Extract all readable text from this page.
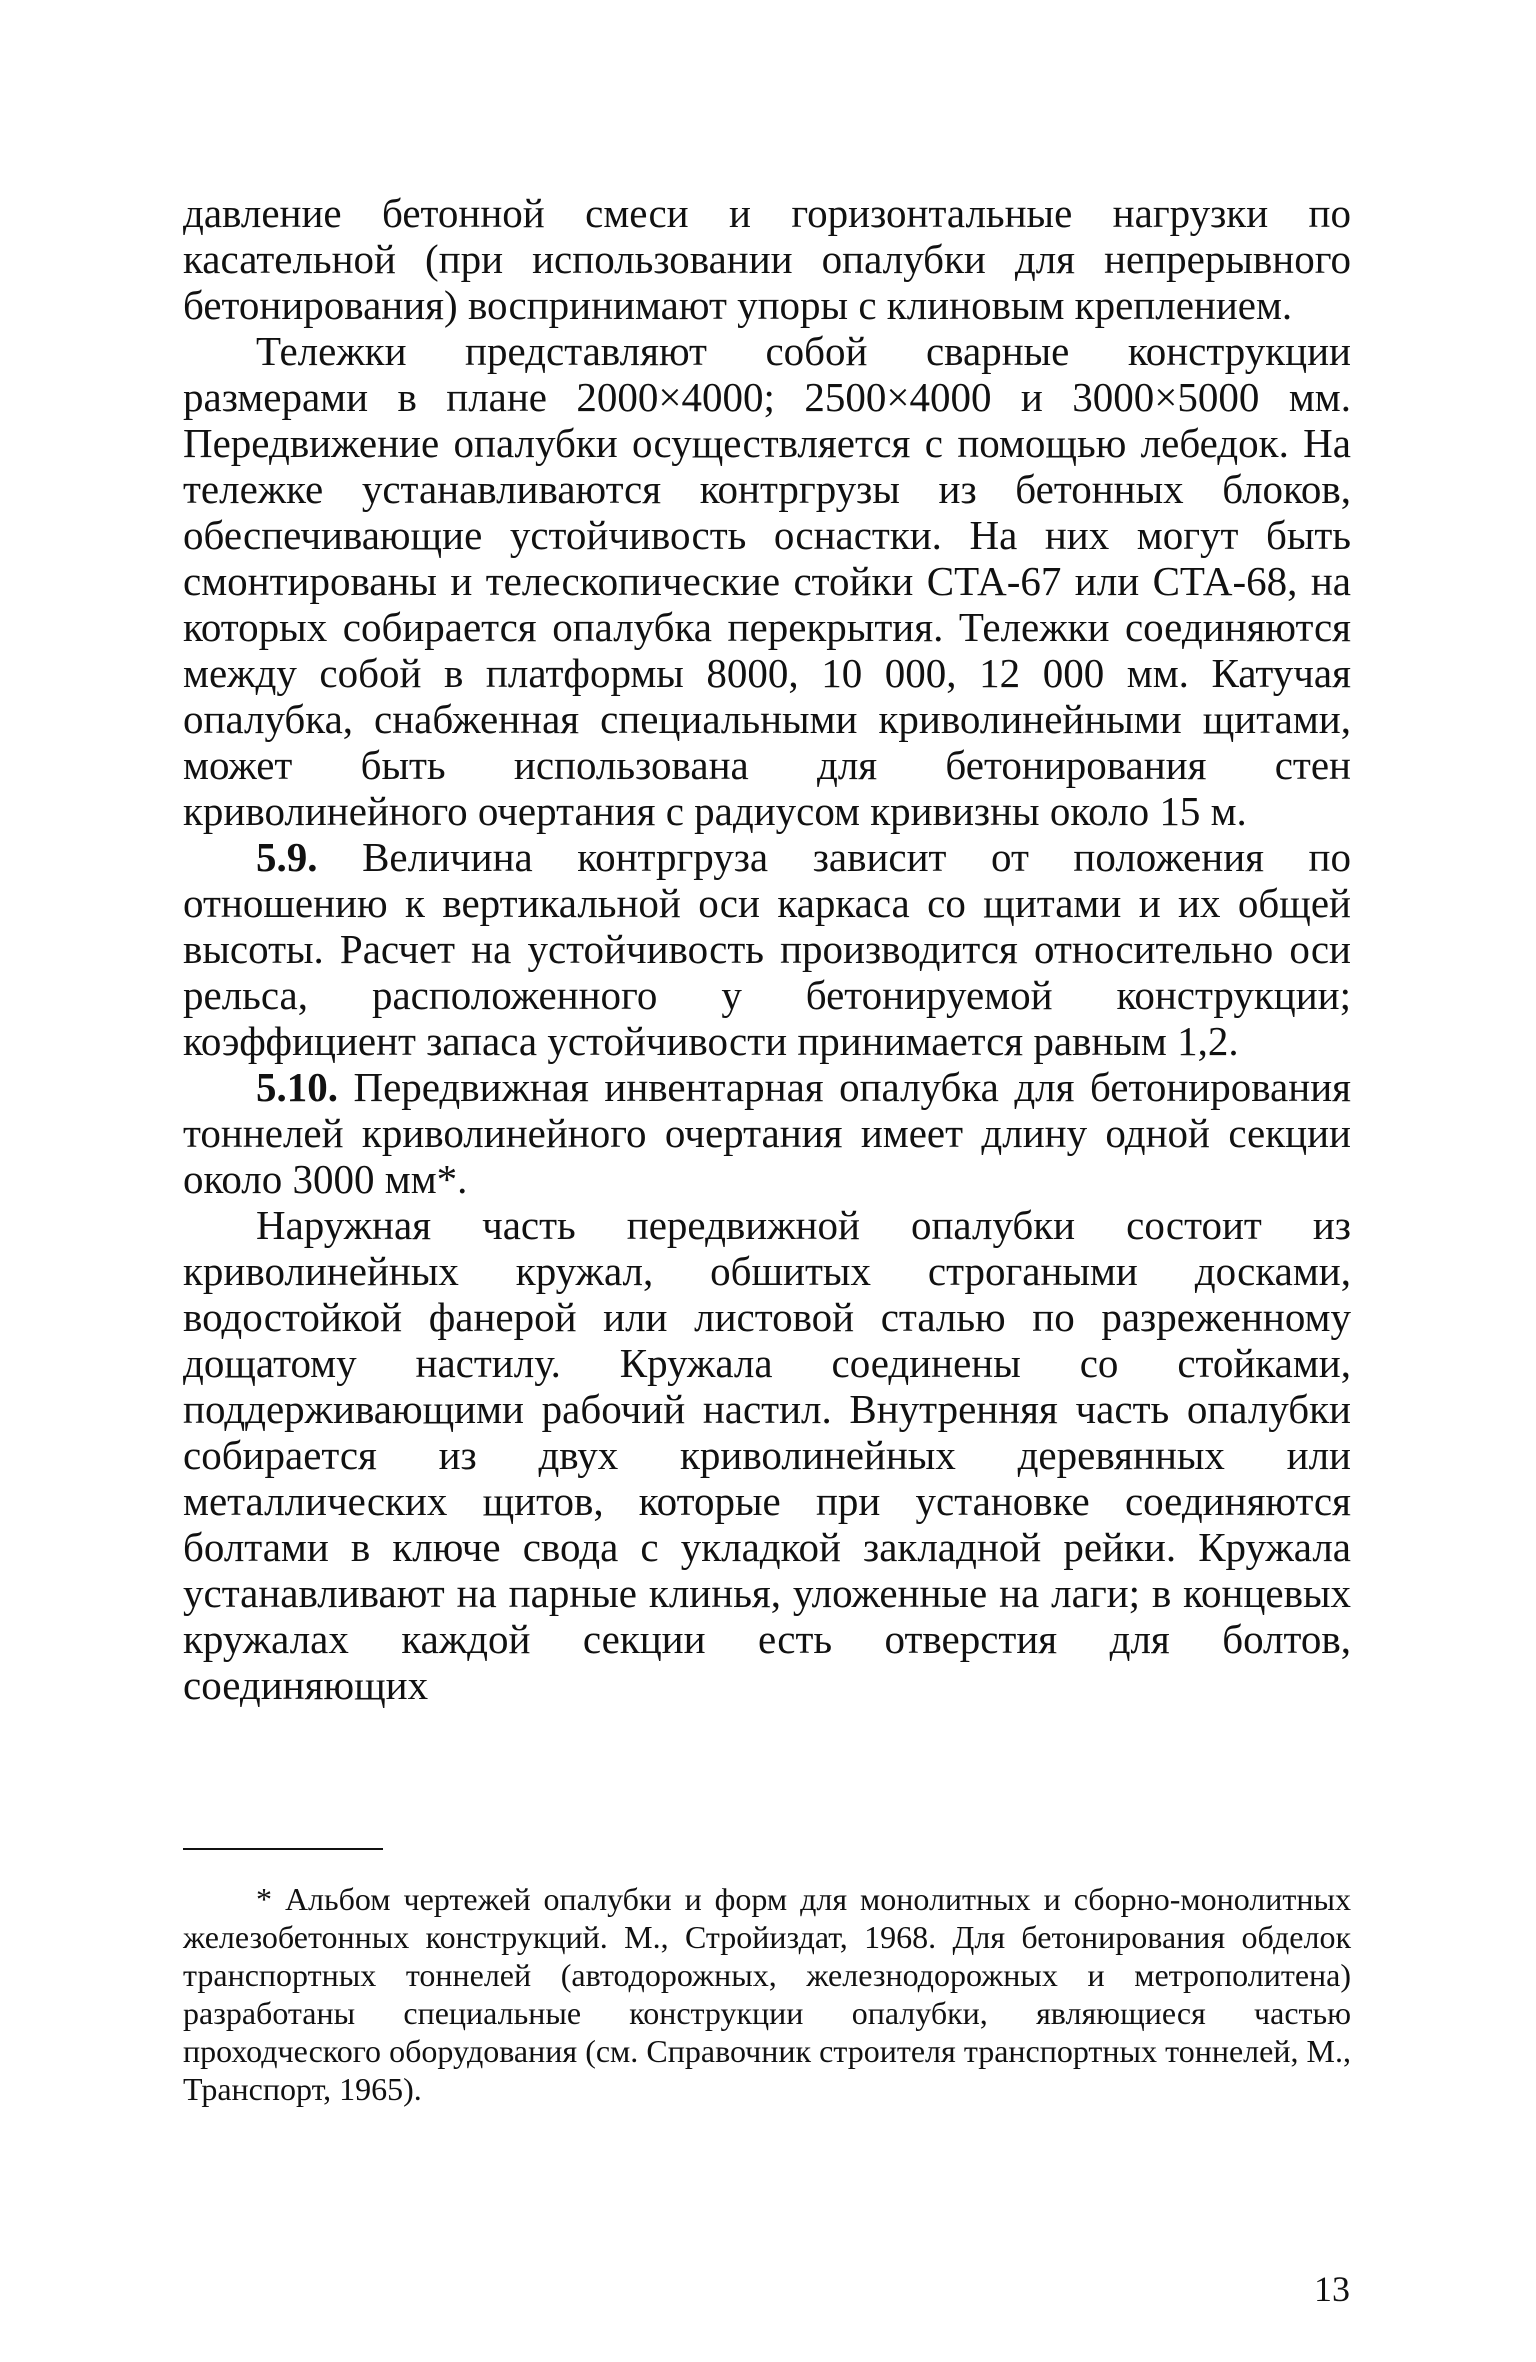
давление бетонной смеси и горизонтальные нагрузки по касательной (при использовании опалубки для непрерывного бетонирования) воспринимают упоры с клиновым креплением.

Тележки представляют собой сварные конструкции размерами в плане 2000×4000; 2500×4000 и 3000×5000 мм. Передвижение опалубки осуществляется с помощью лебедок. На тележке устанавливаются контргрузы из бетонных блоков, обеспечивающие устойчивость оснастки. На них могут быть смонтированы и телескопические стойки СТА-67 или СТА-68, на которых собирается опалубка перекрытия. Тележки соединяются между собой в платформы 8000, 10 000, 12 000 мм. Катучая опалубка, снабженная специальными криволинейными щитами, может быть использована для бетонирования стен криволинейного очертания с радиусом кривизны около 15 м.

5.9. Величина контргруза зависит от положения по отношению к вертикальной оси каркаса со щитами и их общей высоты. Расчет на устойчивость производится относительно оси рельса, расположенного у бетонируемой конструкции; коэффициент запаса устойчивости принимается равным 1,2.

5.10. Передвижная инвентарная опалубка для бетонирования тоннелей криволинейного очертания имеет длину одной секции около 3000 мм*.

Наружная часть передвижной опалубки состоит из криволинейных кружал, обшитых строгаными досками, водостойкой фанерой или листовой сталью по разреженному дощатому настилу. Кружала соединены со стойками, поддерживающими рабочий настил. Внутренняя часть опалубки собирается из двух криволинейных деревянных или металлических щитов, которые при установке соединяются болтами в ключе свода с укладкой закладной рейки. Кружала устанавливают на парные клинья, уложенные на лаги; в концевых кружалах каждой секции есть отверстия для болтов, соединяющих

* Альбом чертежей опалубки и форм для монолитных и сборно-монолитных железобетонных конструкций. М., Стройиздат, 1968. Для бетонирования обделок транспортных тоннелей (автодорожных, железнодорожных и метрополитена) разработаны специальные конструкции опалубки, являющиеся частью проходческого оборудования (см. Справочник строителя транспортных тоннелей, М., Транспорт, 1965).

13
